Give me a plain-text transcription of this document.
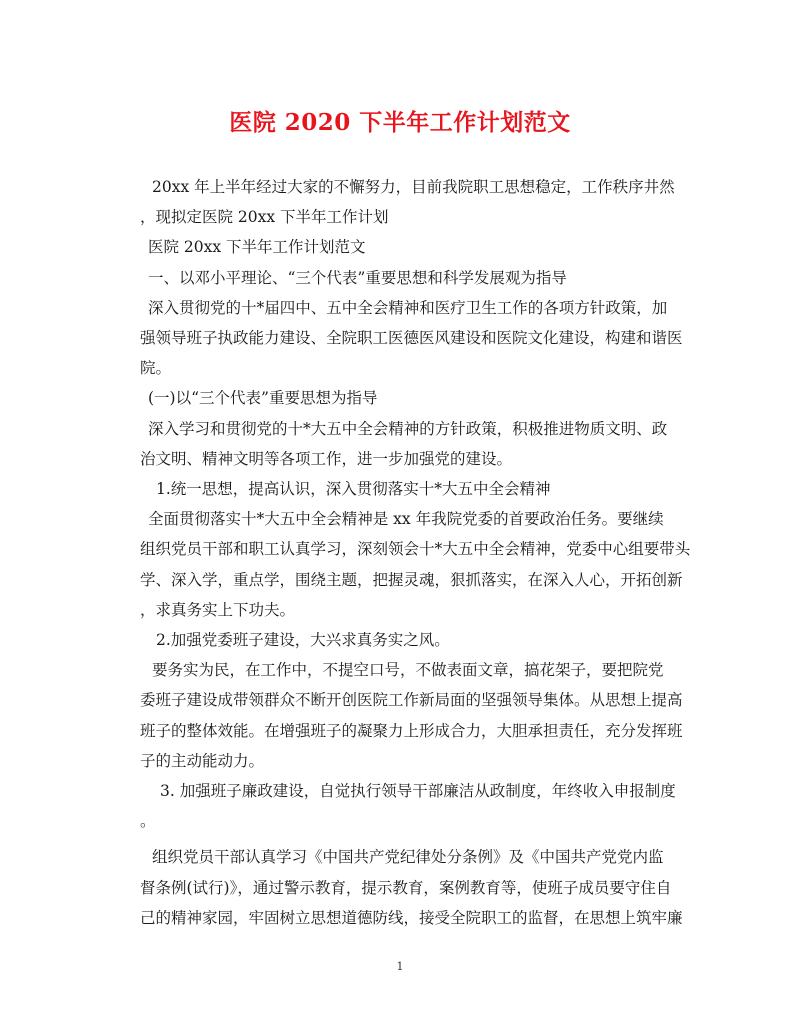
医院 2020 下半年工作计划范文

20xx 年上半年经过大家的不懈努力，目前我院职工思想稳定，工作秩序井然

，现拟定医院 20xx 下半年工作计划

医院 20xx 下半年工作计划范文

一、以邓小平理论、“三个代表”重要思想和科学发展观为指导

深入贯彻党的十*届四中、五中全会精神和医疗卫生工作的各项方针政策，加

强领导班子执政能力建设、全院职工医德医风建设和医院文化建设，构建和谐医

院。

(一)以“三个代表”重要思想为指导

深入学习和贯彻党的十*大五中全会精神的方针政策，积极推进物质文明、政

治文明、精神文明等各项工作，进一步加强党的建设。

1.统一思想，提高认识，深入贯彻落实十*大五中全会精神

全面贯彻落实十*大五中全会精神是 xx 年我院党委的首要政治任务。要继续

组织党员干部和职工认真学习，深刻领会十*大五中全会精神，党委中心组要带头

学、深入学，重点学，围绕主题，把握灵魂，狠抓落实，在深入人心，开拓创新

，求真务实上下功夫。

2.加强党委班子建设，大兴求真务实之风。

要务实为民，在工作中，不提空口号，不做表面文章，搞花架子，要把院党

委班子建设成带领群众不断开创医院工作新局面的坚强领导集体。从思想上提高

班子的整体效能。在增强班子的凝聚力上形成合力，大胆承担责任，充分发挥班

子的主动能动力。

3. 加强班子廉政建设，自觉执行领导干部廉洁从政制度，年终收入申报制度

。

组织党员干部认真学习《中国共产党纪律处分条例》及《中国共产党党内监

督条例(试行)》，通过警示教育，提示教育，案例教育等，使班子成员要守住自

己的精神家园，牢固树立思想道德防线，接受全院职工的监督，在思想上筑牢廉

1
